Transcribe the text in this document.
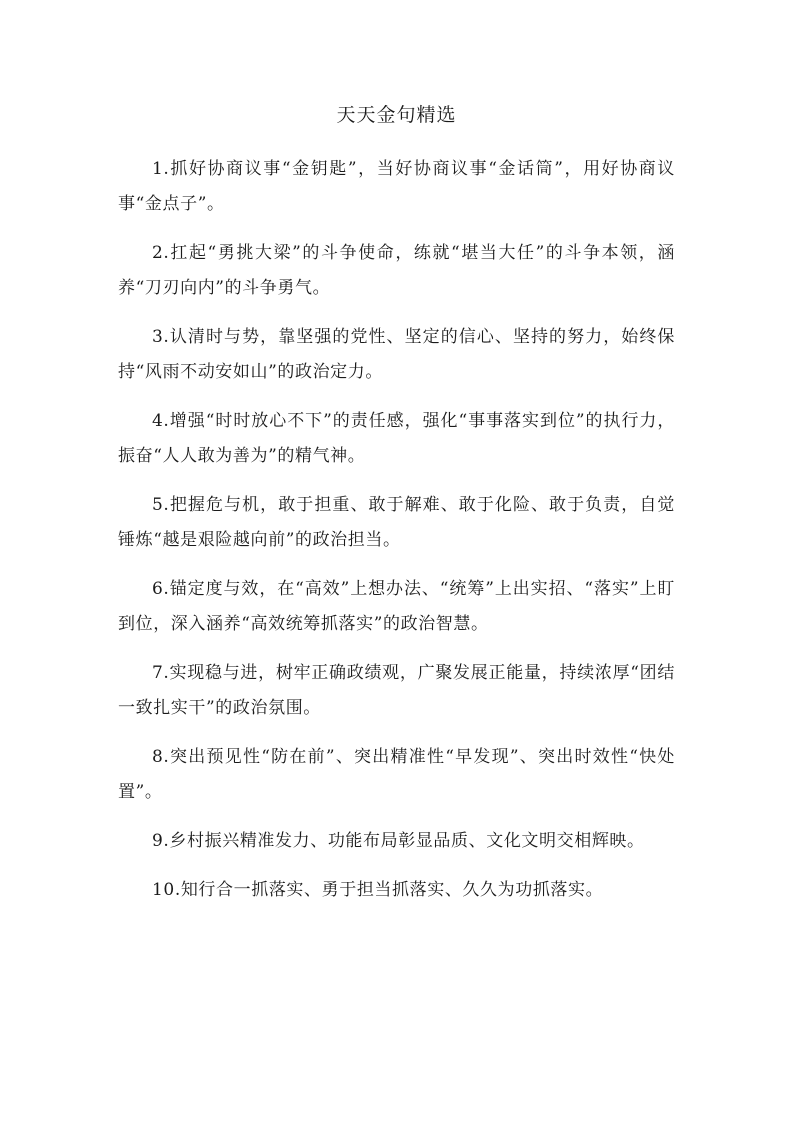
天天金句精选

1.抓好协商议事“金钥匙”，当好协商议事“金话筒”，用好协商议事“金点子”。

2.扛起“勇挑大梁”的斗争使命，练就“堪当大任”的斗争本领，涵养“刀刃向内”的斗争勇气。

3.认清时与势，靠坚强的党性、坚定的信心、坚持的努力，始终保持“风雨不动安如山”的政治定力。

4.增强“时时放心不下”的责任感，强化“事事落实到位”的执行力，振奋“人人敢为善为”的精气神。

5.把握危与机，敢于担重、敢于解难、敢于化险、敢于负责，自觉锤炼“越是艰险越向前”的政治担当。

6.锚定度与效，在“高效”上想办法、“统筹”上出实招、“落实”上盯到位，深入涵养“高效统筹抓落实”的政治智慧。

7.实现稳与进，树牢正确政绩观，广聚发展正能量，持续浓厚“团结一致扎实干”的政治氛围。

8.突出预见性“防在前”、突出精准性“早发现”、突出时效性“快处置”。

9.乡村振兴精准发力、功能布局彰显品质、文化文明交相辉映。

10.知行合一抓落实、勇于担当抓落实、久久为功抓落实。
